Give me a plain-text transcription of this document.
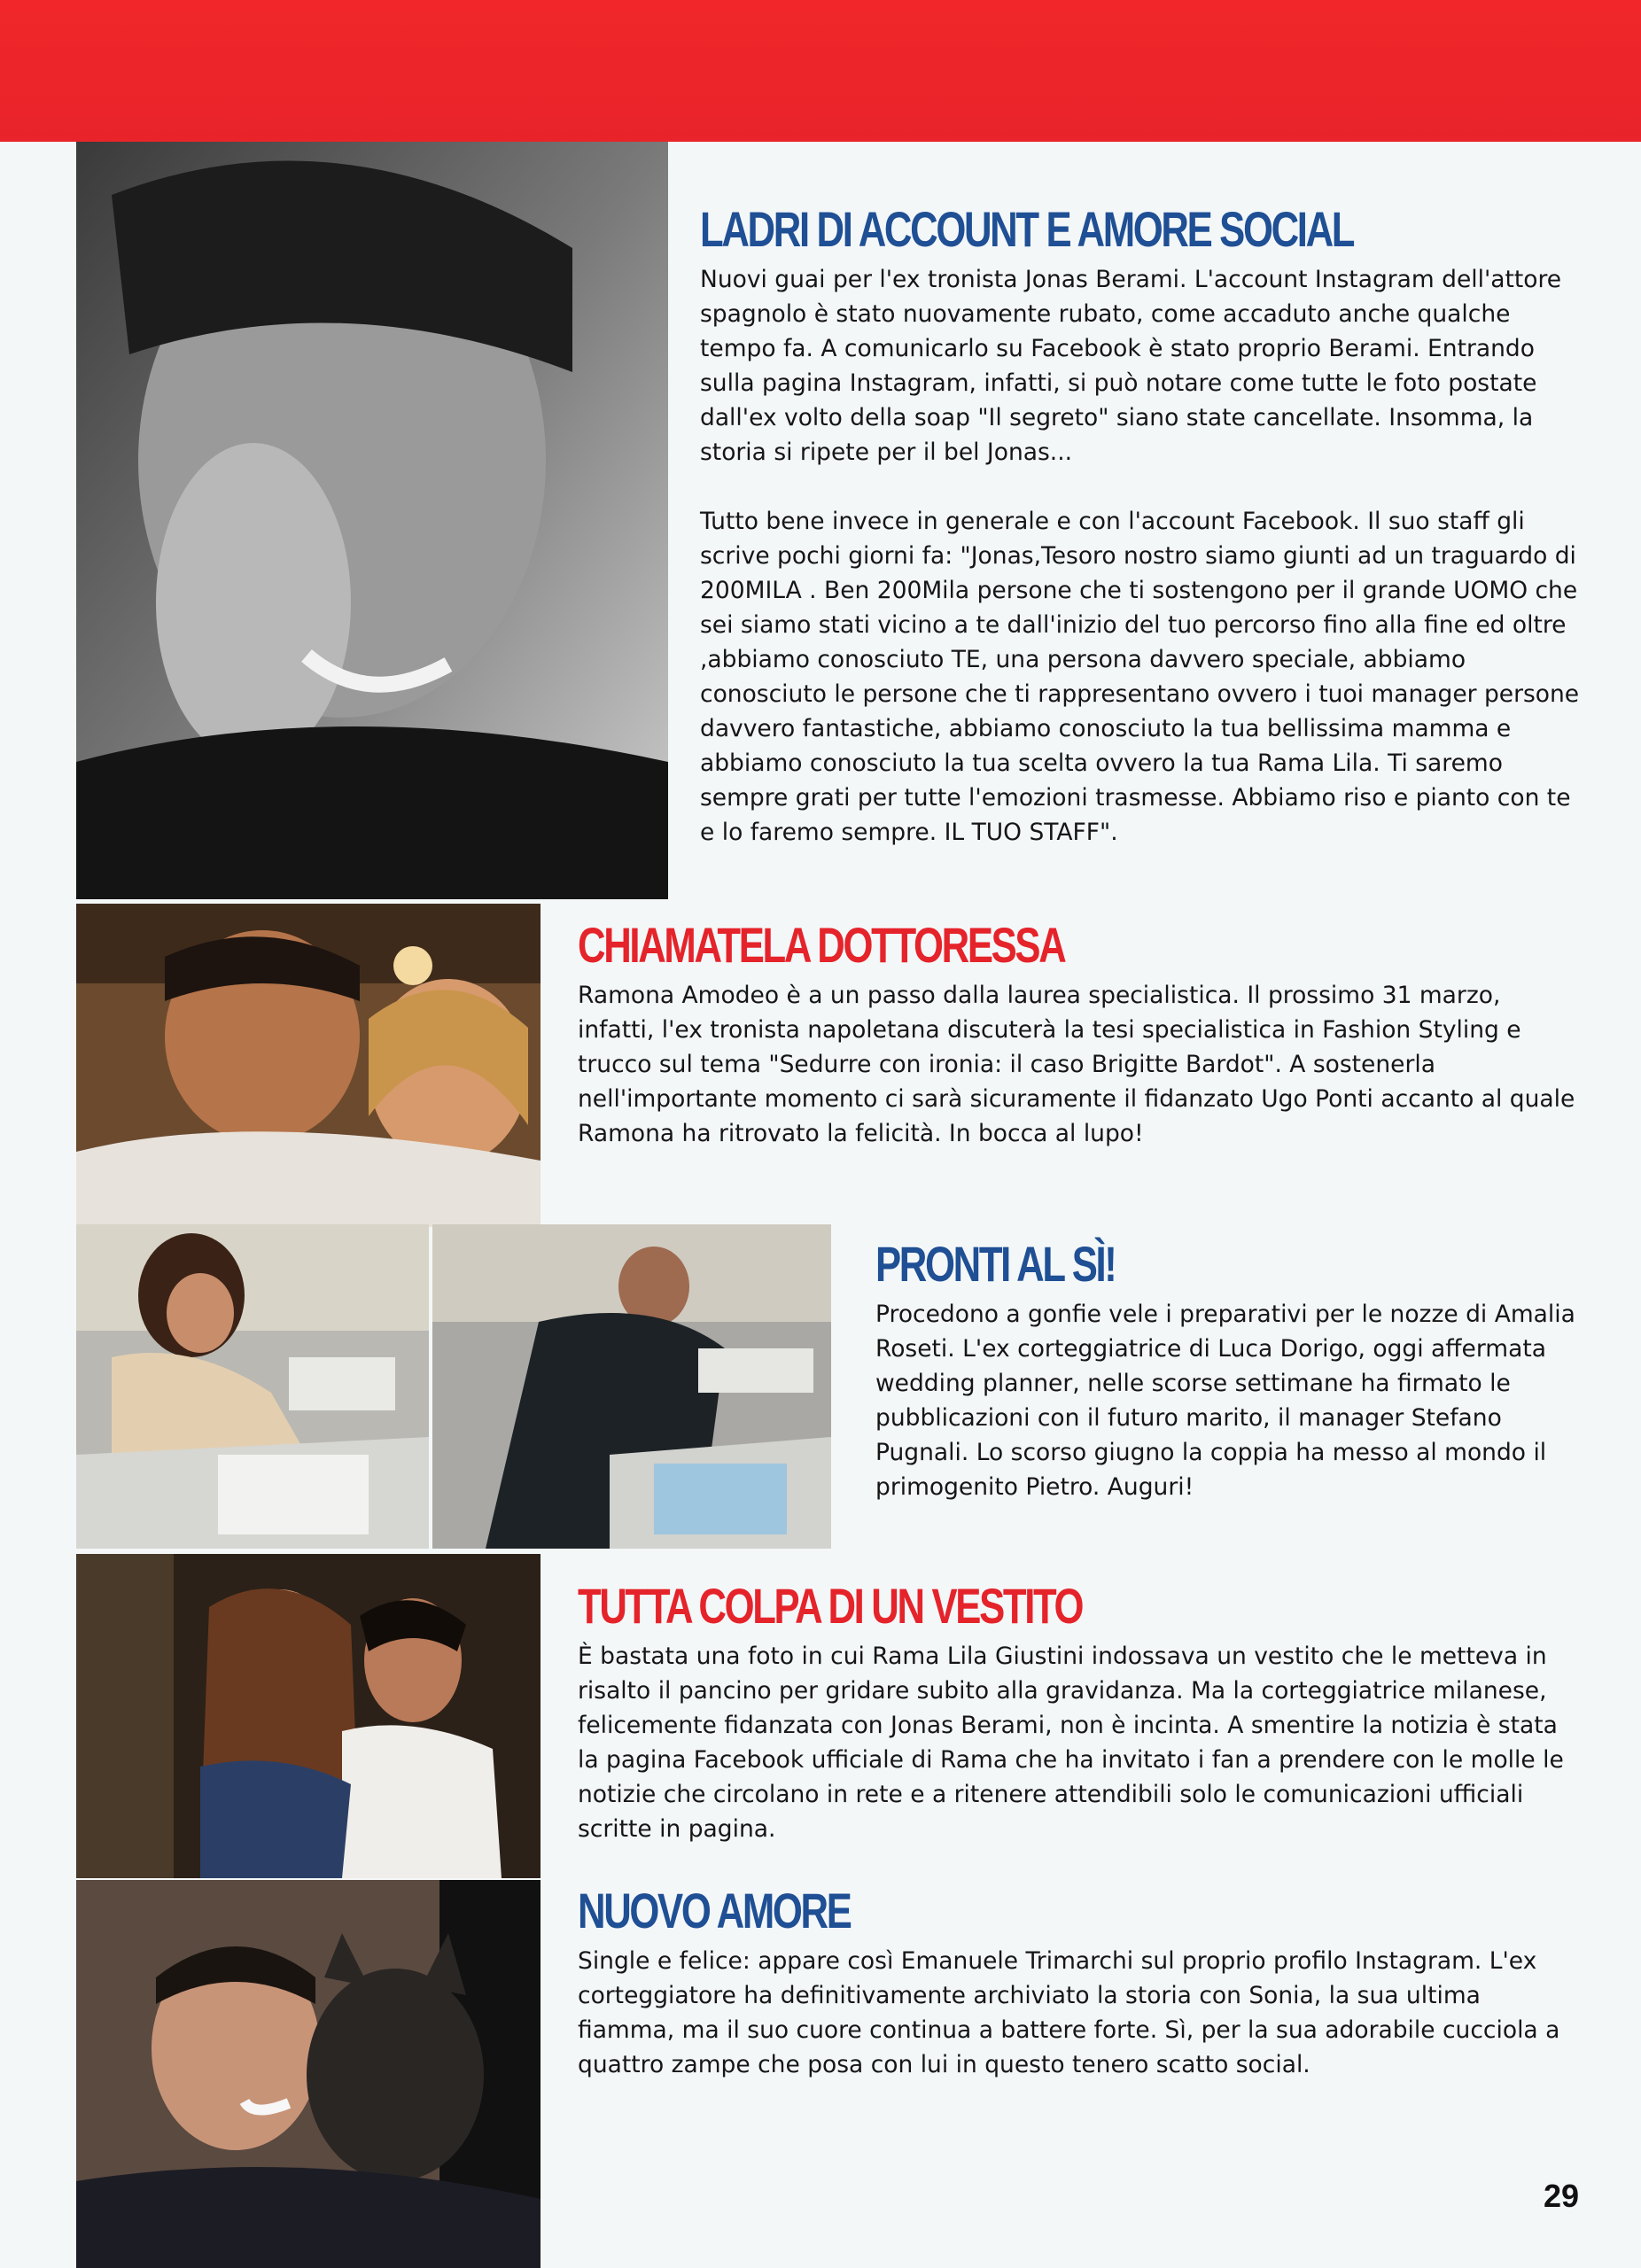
LADRI DI ACCOUNT E AMORE SOCIAL

Nuovi guai per l'ex tronista Jonas Berami. L'account Instagram dell'attore spagnolo è stato nuovamente rubato, come accaduto anche qualche tempo fa. A comunicarlo su Facebook è stato proprio Berami. Entrando sulla pagina Instagram, infatti, si può notare come tutte le foto postate dall'ex volto della soap "Il segreto" siano state cancellate. Insomma, la storia si ripete per il bel Jonas...

Tutto bene invece in generale e con l'account Facebook. Il suo staff gli scrive pochi giorni fa: "Jonas,Tesoro nostro siamo giunti ad un traguardo di 200MILA . Ben 200Mila persone che ti sostengono per il grande UOMO che sei siamo stati vicino a te dall'inizio del tuo percorso fino alla fine ed oltre ,abbiamo conosciuto TE, una persona davvero speciale, abbiamo conosciuto le persone che ti rappresentano ovvero i tuoi manager persone davvero fantastiche, abbiamo conosciuto la tua bellissima mamma e abbiamo conosciuto la tua scelta ovvero la tua Rama Lila. Ti saremo sempre grati per tutte l'emozioni trasmesse. Abbiamo riso e pianto con te e lo faremo sempre. IL TUO STAFF".

CHIAMATELA DOTTORESSA

Ramona Amodeo è a un passo dalla laurea specialistica. Il prossimo 31 marzo, infatti, l'ex tronista napoletana discuterà la tesi specialistica in Fashion Styling e trucco sul tema "Sedurre con ironia: il caso Brigitte Bardot". A sostenerla nell'importante momento ci sarà sicuramente il fidanzato Ugo Ponti accanto al quale Ramona ha ritrovato la felicità. In bocca al lupo!

PRONTI AL SÌ!

Procedono a gonfie vele i preparativi per le nozze di Amalia Roseti. L'ex corteggiatrice di Luca Dorigo, oggi affermata wedding planner, nelle scorse settimane ha firmato le pubblicazioni con il futuro marito, il manager Stefano Pugnali. Lo scorso giugno la coppia ha messo al mondo il primogenito Pietro. Auguri!

TUTTA COLPA DI UN VESTITO

È bastata una foto in cui Rama Lila Giustini indossava un vestito che le metteva in risalto il pancino per gridare subito alla gravidanza. Ma la corteggiatrice milanese, felicemente fidanzata con Jonas Berami, non è incinta. A smentire la notizia è stata la pagina Facebook ufficiale di Rama che ha invitato i fan a prendere con le molle le notizie che circolano in rete e a ritenere attendibili solo le comunicazioni ufficiali scritte in pagina.

NUOVO AMORE

Single e felice: appare così Emanuele Trimarchi sul proprio profilo Instagram. L'ex corteggiatore ha definitivamente archiviato la storia con Sonia, la sua ultima fiamma, ma il suo cuore continua a battere forte. Sì, per la sua adorabile cucciola a quattro zampe che posa con lui in questo tenero scatto social.

29
